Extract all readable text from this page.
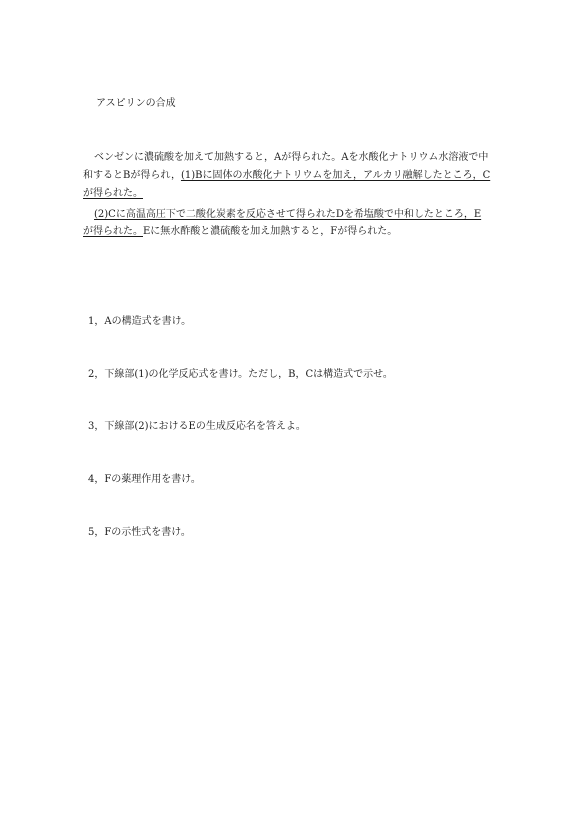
アスピリンの合成
ベンゼンに濃硫酸を加えて加熱すると，Aが得られた。Aを水酸化ナトリウム水溶液で中
和するとBが得られ，(1)Bに固体の水酸化ナトリウムを加え，アルカリ融解したところ，C
が得られた。
(2)Cに高温高圧下で二酸化炭素を反応させて得られたDを希塩酸で中和したところ，E
が得られた。Eに無水酢酸と濃硫酸を加え加熱すると，Fが得られた。
1，Aの構造式を書け。
2，下線部(1)の化学反応式を書け。ただし，B，Cは構造式で示せ。
3，下線部(2)におけるEの生成反応名を答えよ。
4，Fの薬理作用を書け。
5，Fの示性式を書け。
